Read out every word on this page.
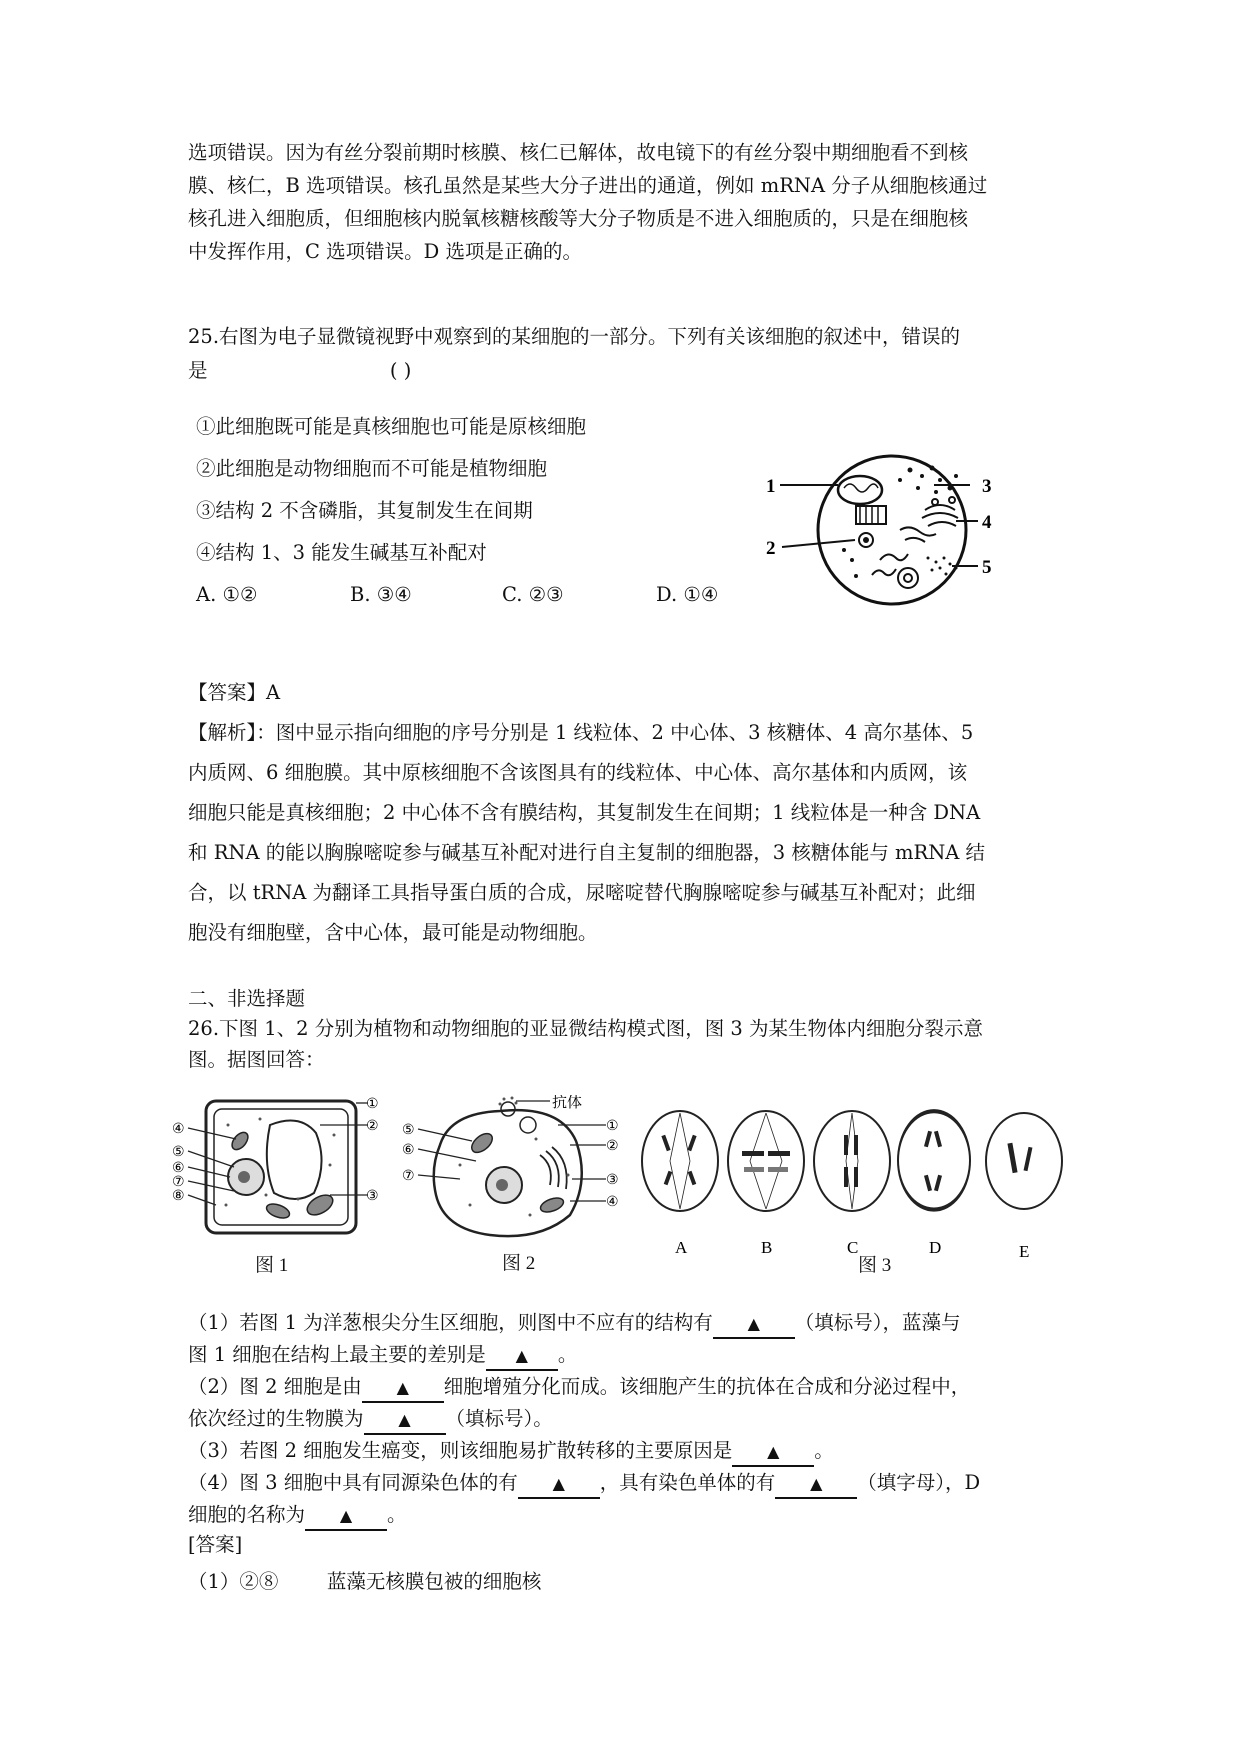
选项错误。因为有丝分裂前期时核膜、核仁已解体，故电镜下的有丝分裂中期细胞看不到核
膜、核仁，B 选项错误。核孔虽然是某些大分子进出的通道，例如 mRNA 分子从细胞核通过
核孔进入细胞质，但细胞核内脱氧核糖核酸等大分子物质是不进入细胞质的，只是在细胞核
中发挥作用，C 选项错误。D 选项是正确的。
25.右图为电子显微镜视野中观察到的某细胞的一部分。下列有关该细胞的叙述中，错误的
是	( )
①此细胞既可能是真核细胞也可能是原核细胞
②此细胞是动物细胞而不可能是植物细胞
③结构 2 不含磷脂，其复制发生在间期
④结构 1、3 能发生碱基互补配对
A. ①②	B. ③④	C. ②③	D. ①④
1
2
3
4
5
【答案】A
【解析】：图中显示指向细胞的序号分别是 1 线粒体、2 中心体、3 核糖体、4 高尔基体、5
内质网、6 细胞膜。其中原核细胞不含该图具有的线粒体、中心体、高尔基体和内质网，该
细胞只能是真核细胞；2 中心体不含有膜结构，其复制发生在间期；1 线粒体是一种含 DNA
和 RNA 的能以胸腺嘧啶参与碱基互补配对进行自主复制的细胞器，3 核糖体能与 mRNA 结
合，以 tRNA 为翻译工具指导蛋白质的合成，尿嘧啶替代胸腺嘧啶参与碱基互补配对；此细
胞没有细胞壁，含中心体，最可能是动物细胞。
二、非选择题
26.下图 1、2 分别为植物和动物细胞的亚显微结构模式图，图 3 为某生物体内细胞分裂示意
图。据图回答：
①
②
③
④
⑤
⑥
⑦
⑧
图 1
抗体
①
②
③
④
⑤
⑥
⑦
图 2
A	B	C	D	E
图 3
（1）若图 1 为洋葱根尖分生区细胞，则图中不应有的结构有 ▲ （填标号），蓝藻与
图 1 细胞在结构上最主要的差别是 ▲ 。
（2）图 2 细胞是由 ▲ 细胞增殖分化而成。该细胞产生的抗体在合成和分泌过程中，
依次经过的生物膜为 ▲ （填标号）。
（3）若图 2 细胞发生癌变，则该细胞易扩散转移的主要原因是 ▲ 。
（4）图 3 细胞中具有同源染色体的有 ▲ ，具有染色单体的有 ▲ （填字母），D
细胞的名称为 ▲ 。
[答案]
（1）②⑧ 蓝藻无核膜包被的细胞核
